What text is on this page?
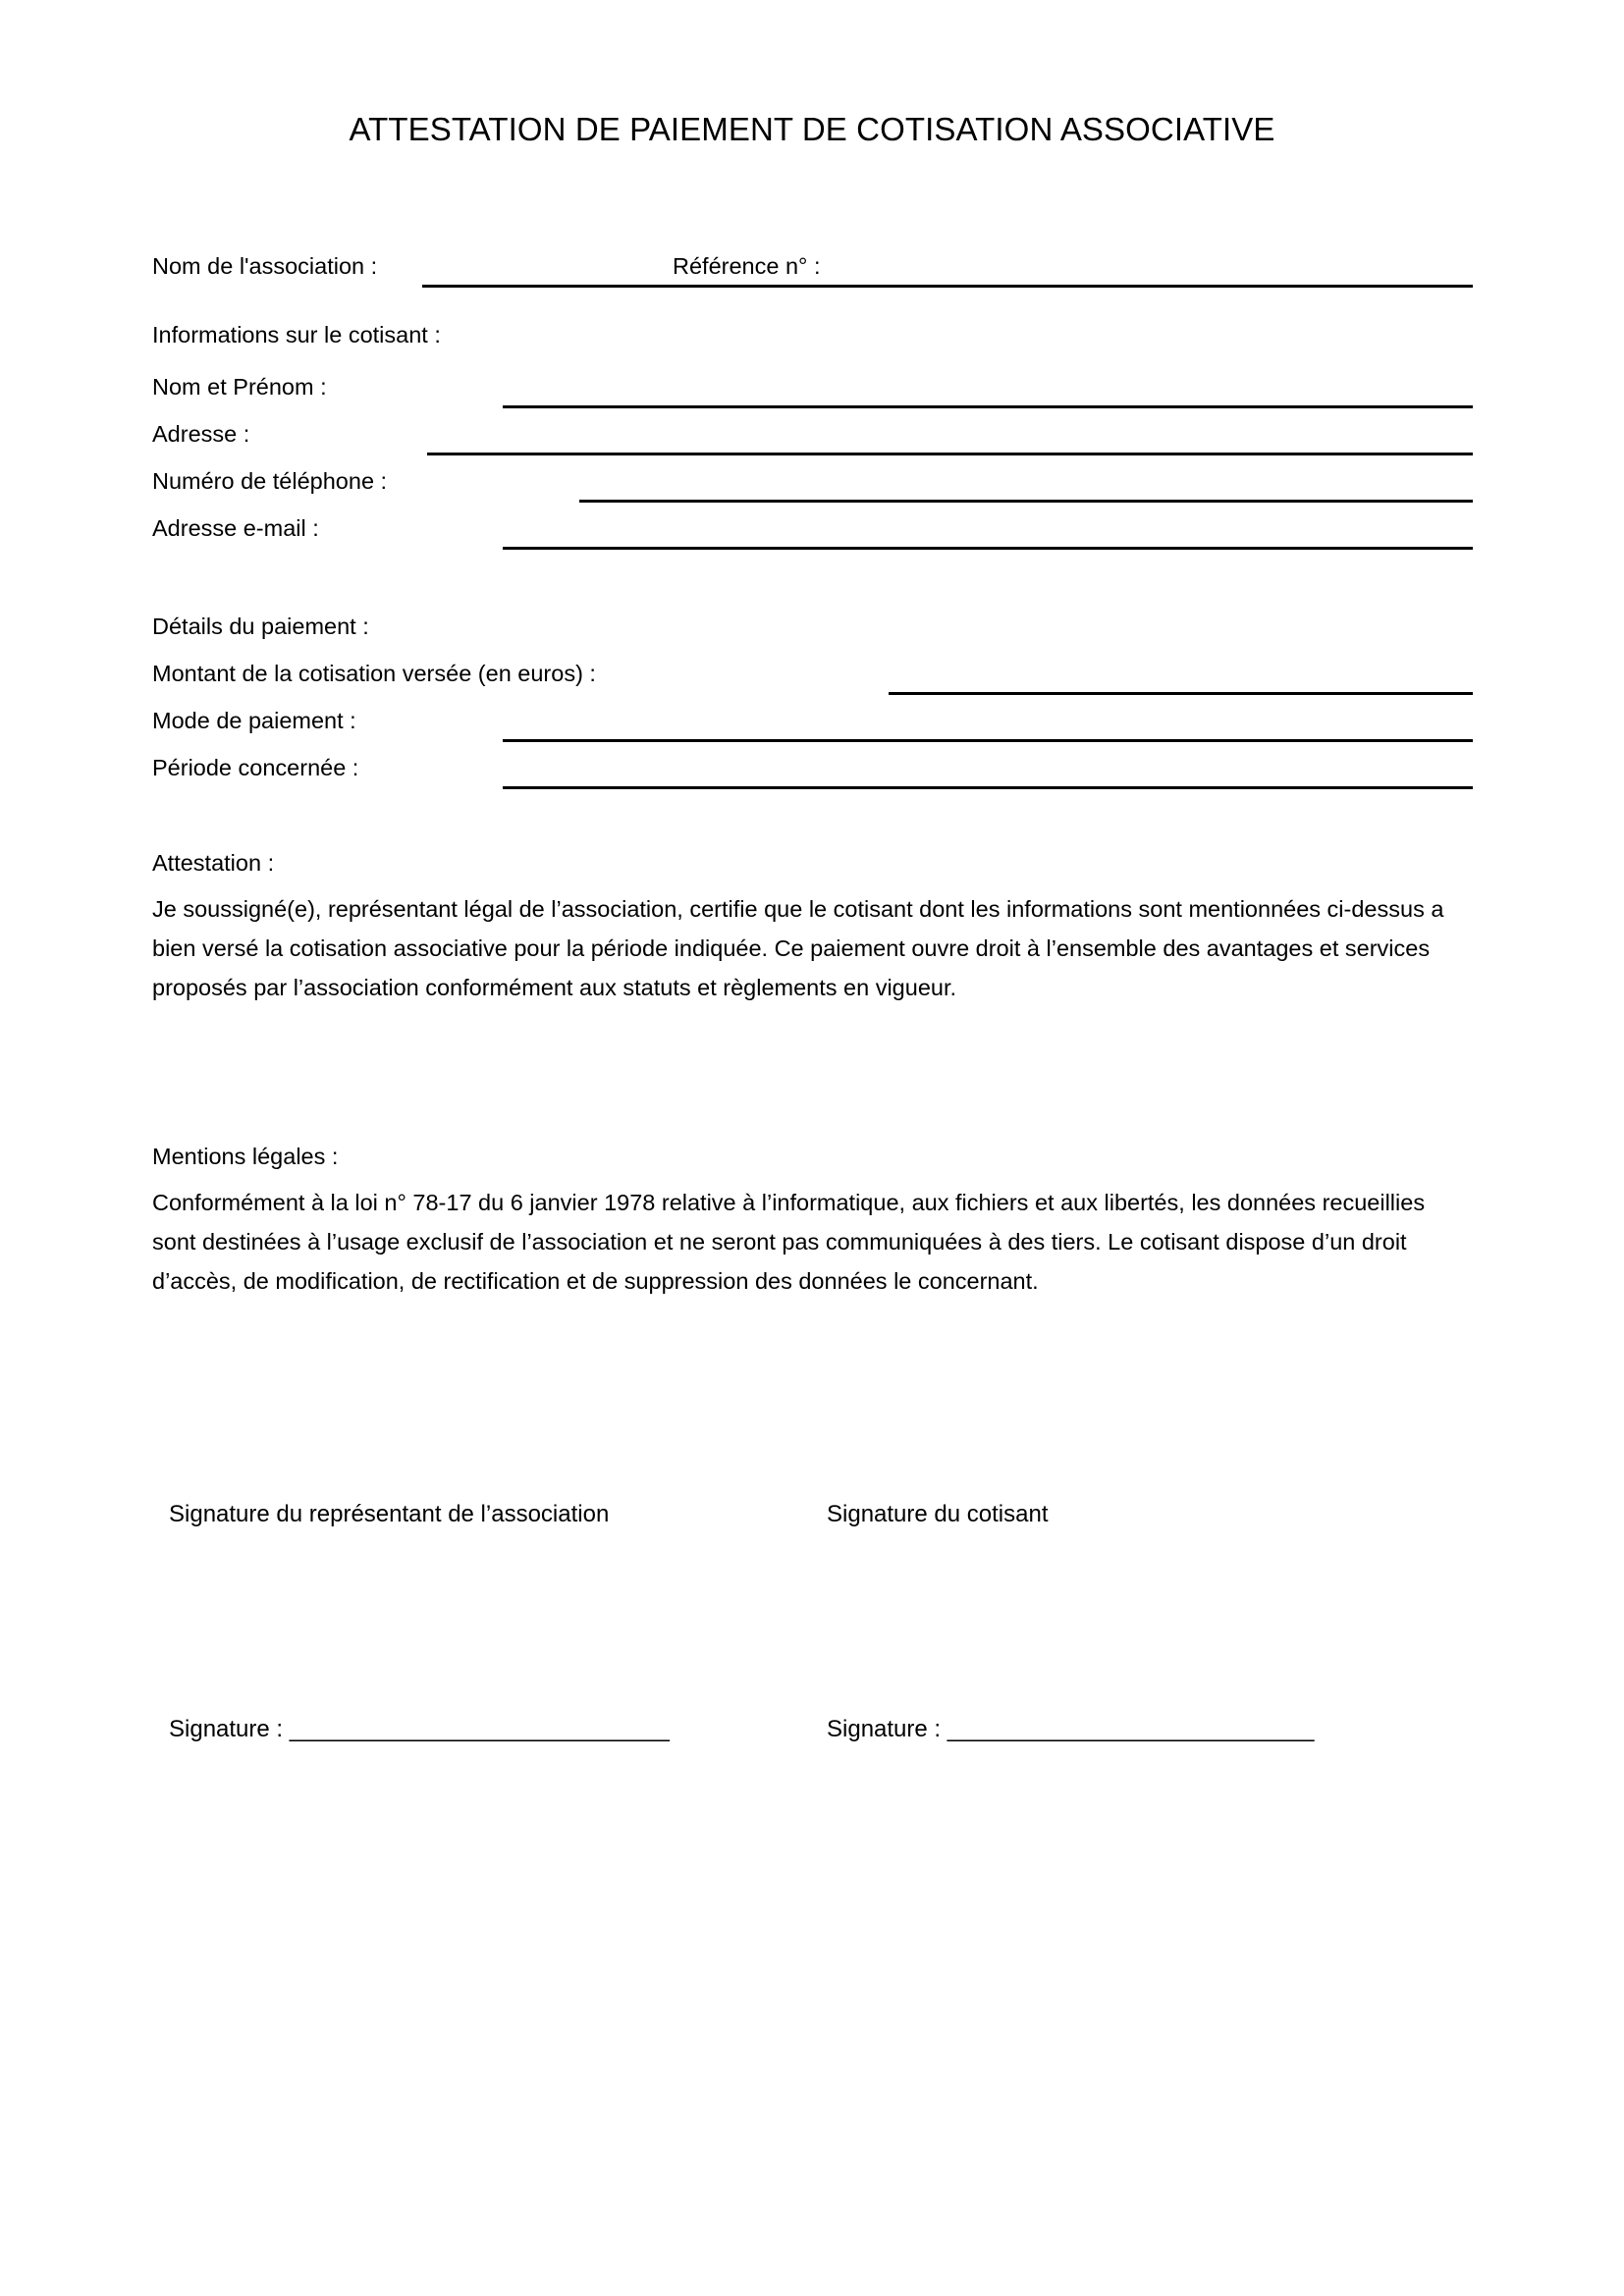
ATTESTATION DE PAIEMENT DE COTISATION ASSOCIATIVE
Nom de l'association :	Référence n° :
Informations sur le cotisant :
Nom et Prénom :
Adresse :
Numéro de téléphone :
Adresse e-mail :
Détails du paiement :
Montant de la cotisation versée (en euros) :
Mode de paiement :
Période concernée :
Attestation :
Je soussigné(e), représentant légal de l’association, certifie que le cotisant dont les informations sont mentionnées ci-dessus a bien versé la cotisation associative pour la période indiquée. Ce paiement ouvre droit à l’ensemble des avantages et services proposés par l’association conformément aux statuts et règlements en vigueur.
Mentions légales :
Conformément à la loi n° 78-17 du 6 janvier 1978 relative à l’informatique, aux fichiers et aux libertés, les données recueillies sont destinées à l’usage exclusif de l’association et ne seront pas communiquées à des tiers. Le cotisant dispose d’un droit d’accès, de modification, de rectification et de suppression des données le concernant.
Signature du représentant de l’association	Signature du cotisant
Signature : _____________________________	Signature : ____________________________
